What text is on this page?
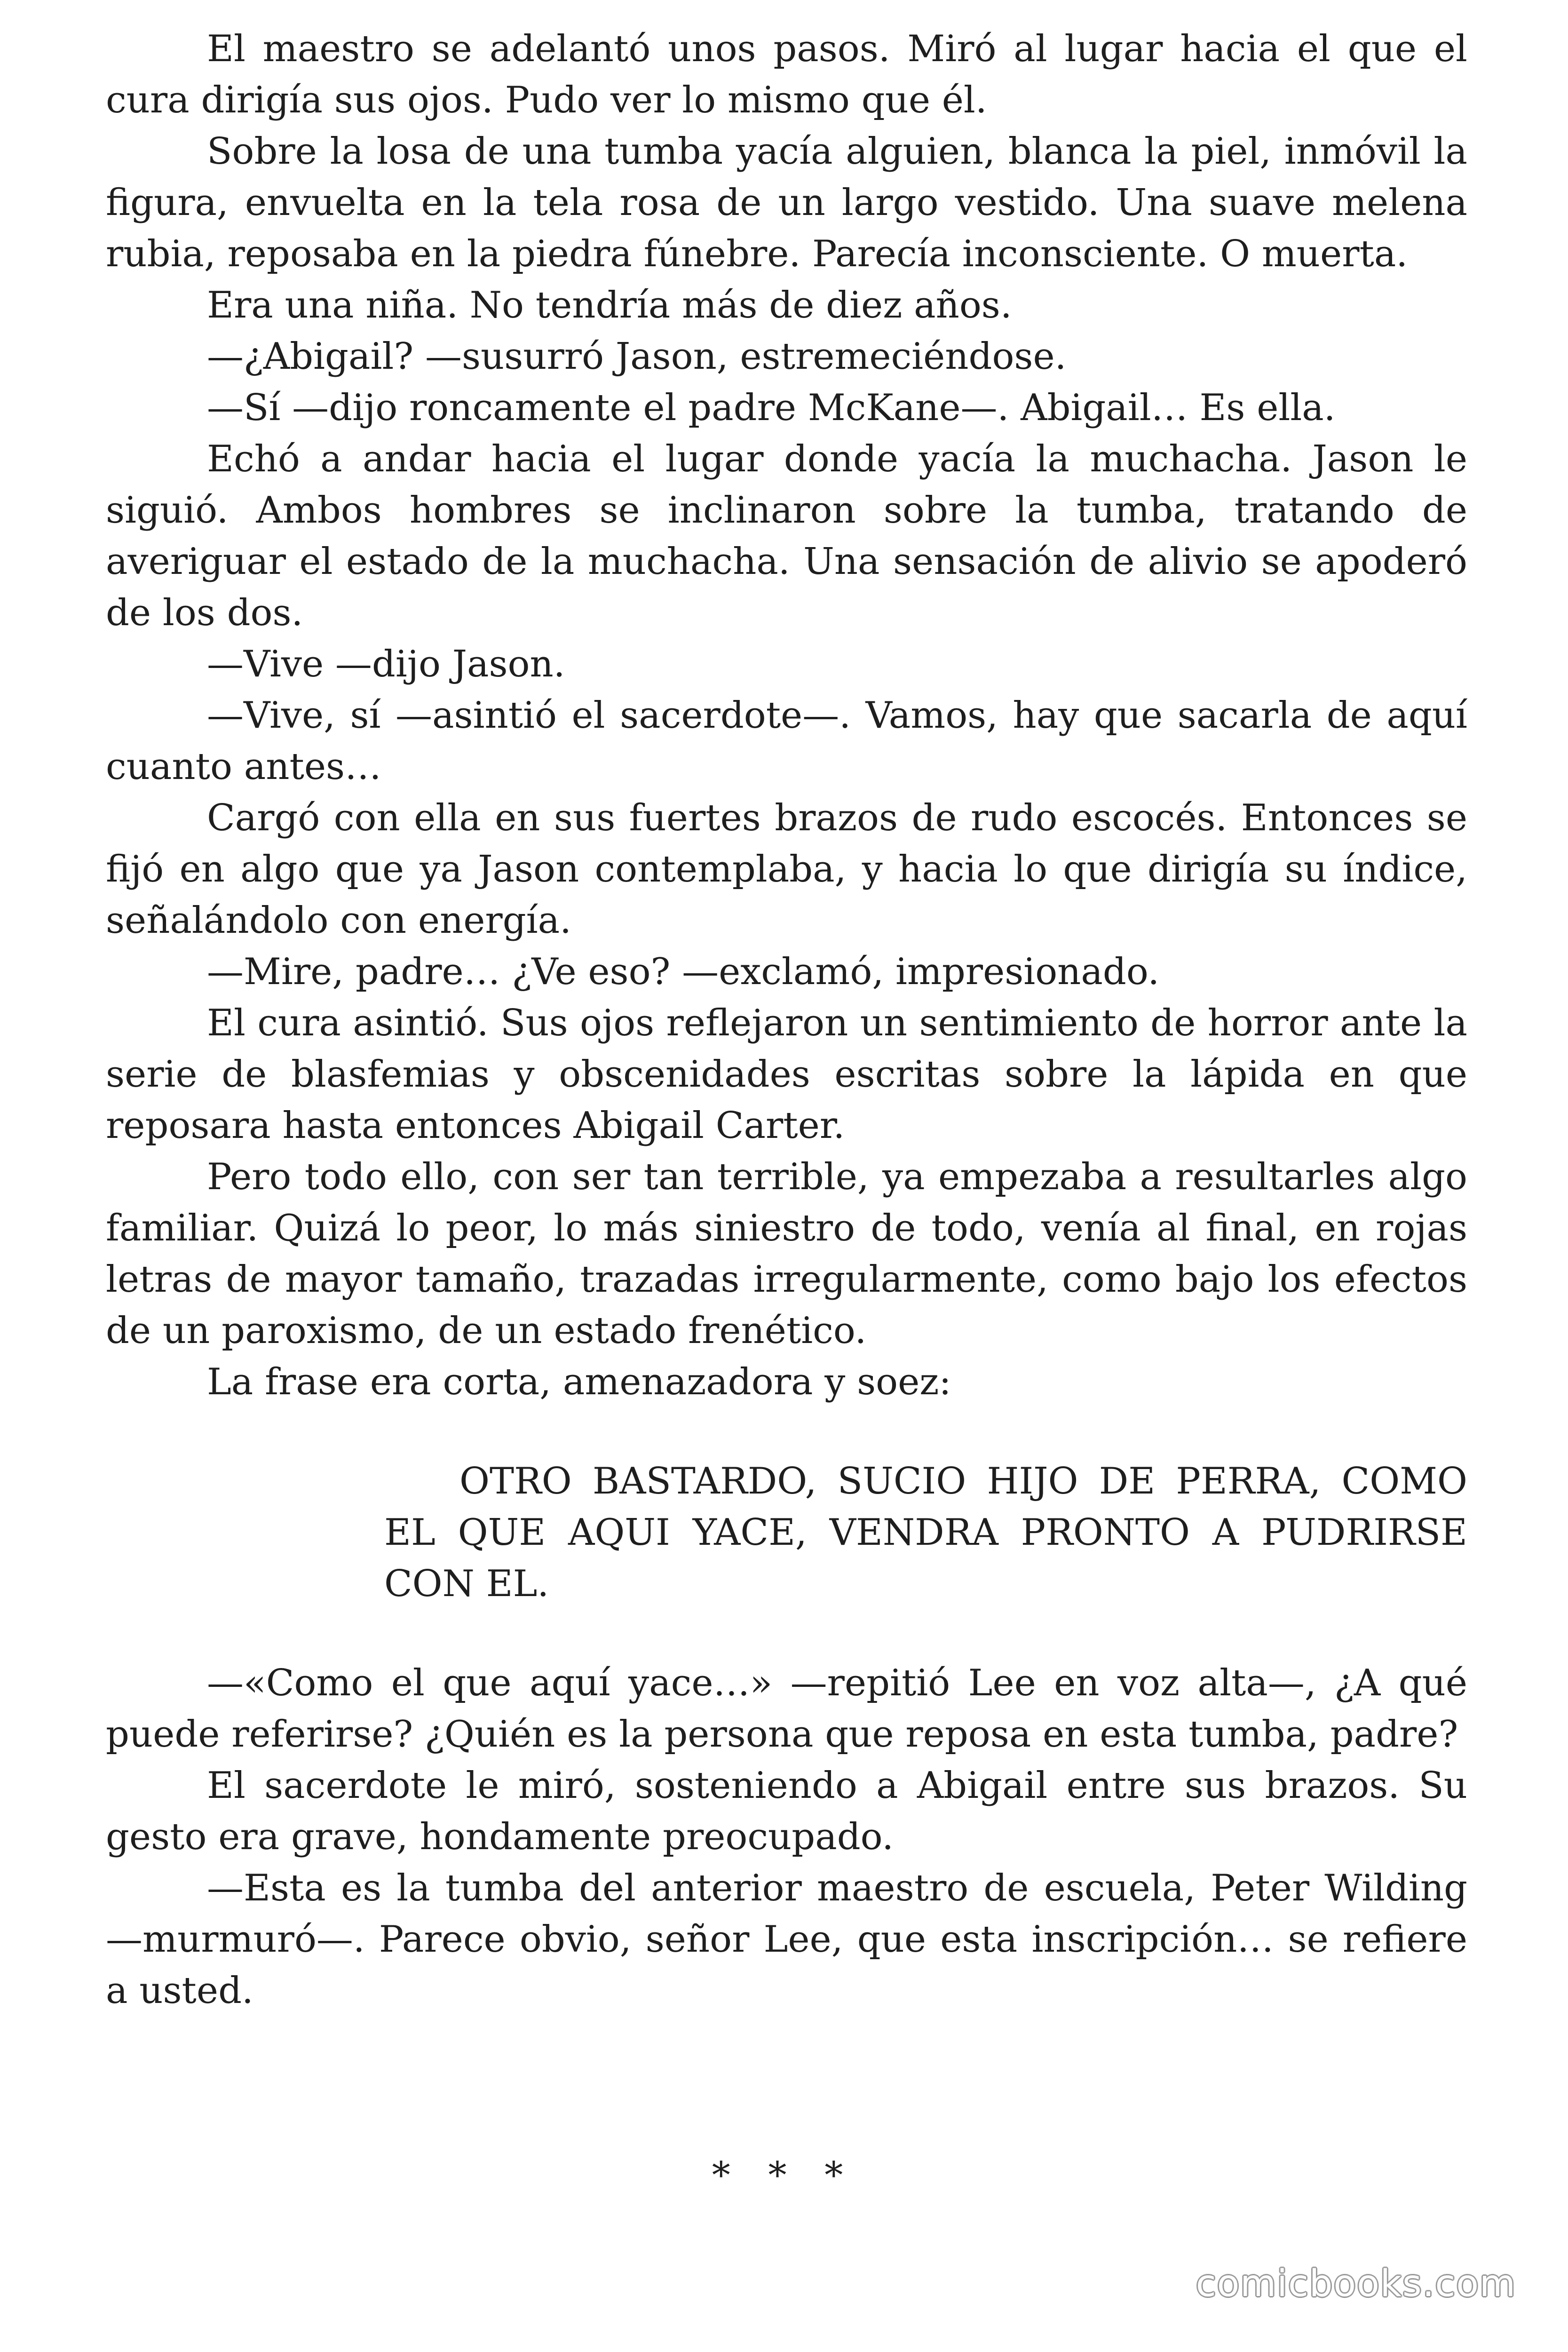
El maestro se adelantó unos pasos. Miró al lugar hacia el que el cura dirigía sus ojos. Pudo ver lo mismo que él.

Sobre la losa de una tumba yacía alguien, blanca la piel, inmóvil la figura, envuelta en la tela rosa de un largo vestido. Una suave melena rubia, reposaba en la piedra fúnebre. Parecía inconsciente. O muerta.

Era una niña. No tendría más de diez años.

—¿Abigail? —susurró Jason, estremeciéndose.

—Sí —dijo roncamente el padre McKane—. Abigail… Es ella.

Echó a andar hacia el lugar donde yacía la muchacha. Jason le siguió. Ambos hombres se inclinaron sobre la tumba, tratando de averiguar el estado de la muchacha. Una sensación de alivio se apoderó de los dos.

—Vive —dijo Jason.

—Vive, sí —asintió el sacerdote—. Vamos, hay que sacarla de aquí cuanto antes…

Cargó con ella en sus fuertes brazos de rudo escocés. Entonces se fijó en algo que ya Jason contemplaba, y hacia lo que dirigía su índice, señalándolo con energía.

—Mire, padre… ¿Ve eso? —exclamó, impresionado.

El cura asintió. Sus ojos reflejaron un sentimiento de horror ante la serie de blasfemias y obscenidades escritas sobre la lápida en que reposara hasta entonces Abigail Carter.

Pero todo ello, con ser tan terrible, ya empezaba a resultarles algo familiar. Quizá lo peor, lo más siniestro de todo, venía al final, en rojas letras de mayor tamaño, trazadas irregularmente, como bajo los efectos de un paroxismo, de un estado frenético.

La frase era corta, amenazadora y soez:

OTRO BASTARDO, SUCIO HIJO DE PERRA, COMO EL QUE AQUI YACE, VENDRA PRONTO A PUDRIRSE CON EL.

—«Como el que aquí yace…» —repitió Lee en voz alta—, ¿A qué puede referirse? ¿Quién es la persona que reposa en esta tumba, padre?

El sacerdote le miró, sosteniendo a Abigail entre sus brazos. Su gesto era grave, hondamente preocupado.

—Esta es la tumba del anterior maestro de escuela, Peter Wilding —murmuró—. Parece obvio, señor Lee, que esta inscripción… se refiere a usted.

* * *
comicbooks.com
